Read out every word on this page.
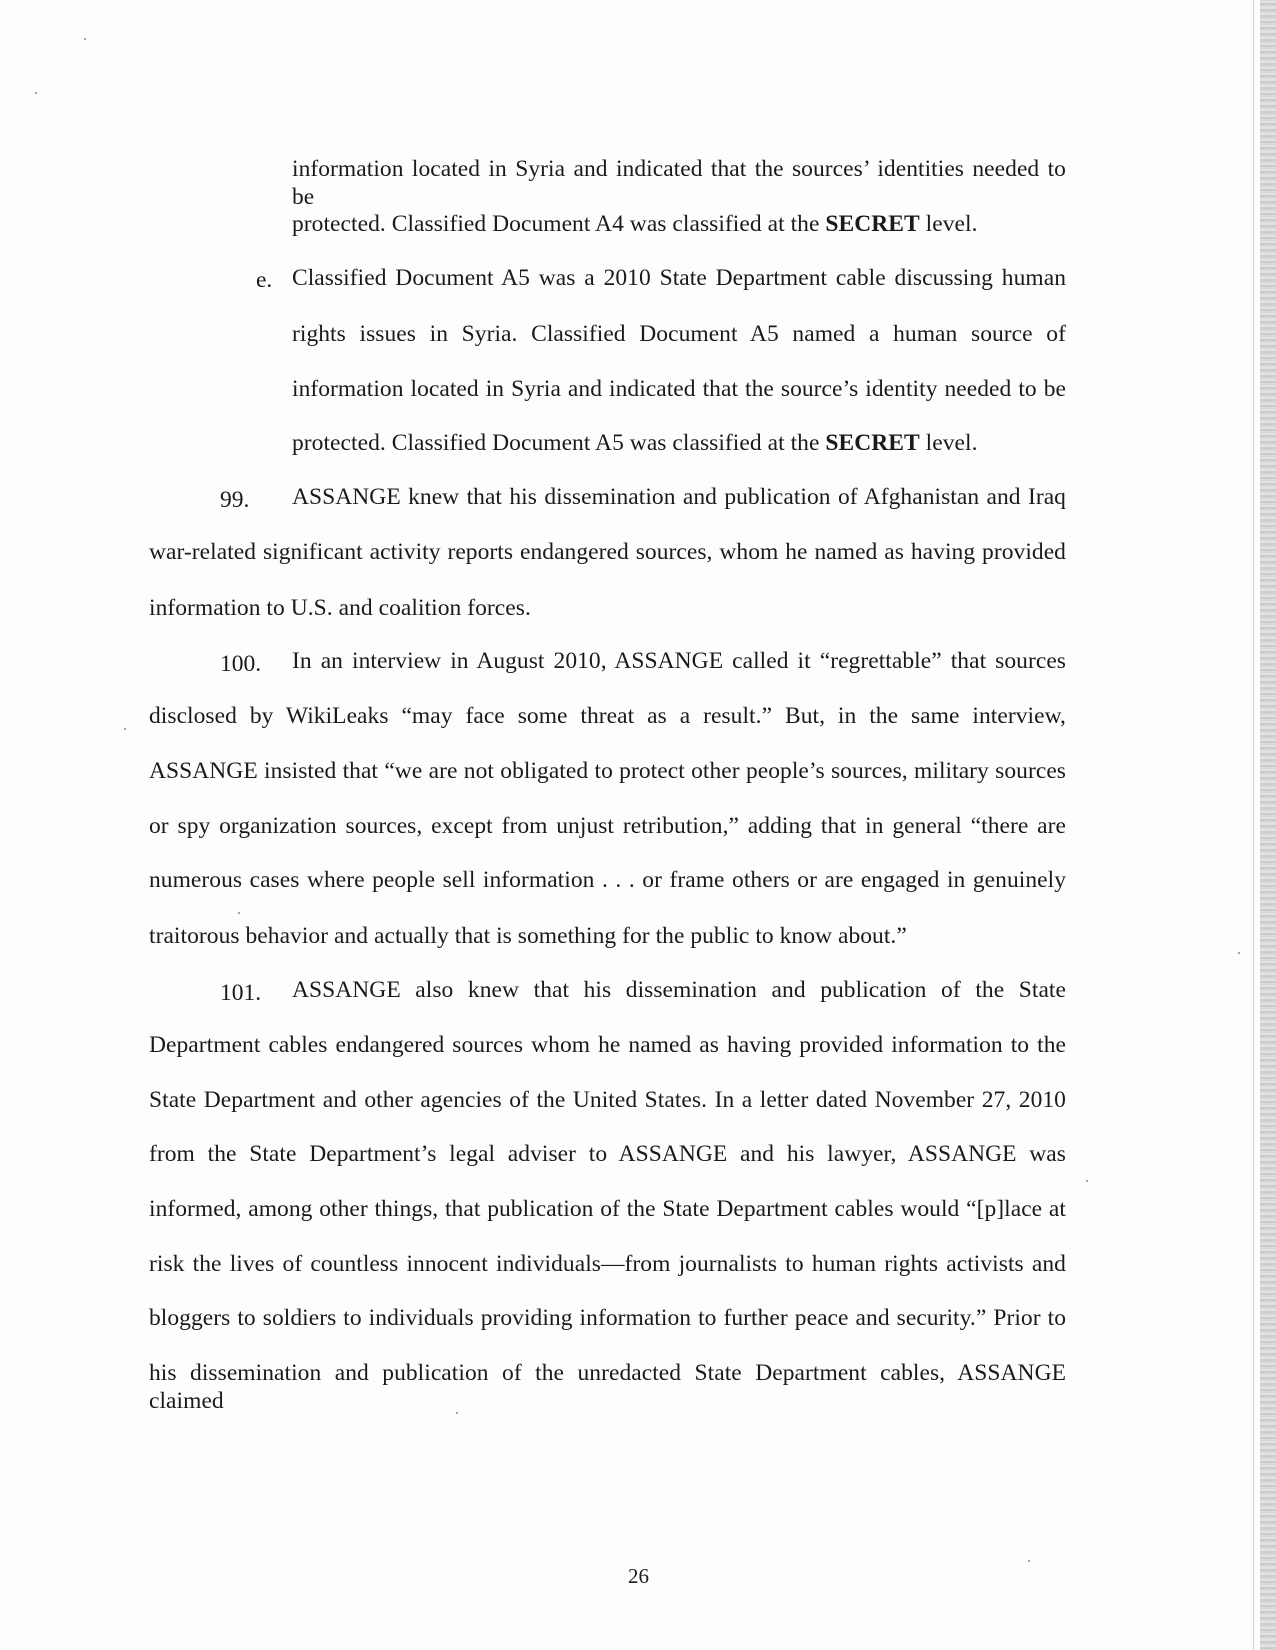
information located in Syria and indicated that the sources’ identities needed to be
protected. Classified Document A4 was classified at the SECRET level.
e. Classified Document A5 was a 2010 State Department cable discussing human
rights issues in Syria. Classified Document A5 named a human source of
information located in Syria and indicated that the source’s identity needed to be
protected. Classified Document A5 was classified at the SECRET level.
99. ASSANGE knew that his dissemination and publication of Afghanistan and Iraq
war-related significant activity reports endangered sources, whom he named as having provided
information to U.S. and coalition forces.
100. In an interview in August 2010, ASSANGE called it “regrettable” that sources
disclosed by WikiLeaks “may face some threat as a result.” But, in the same interview,
ASSANGE insisted that “we are not obligated to protect other people’s sources, military sources
or spy organization sources, except from unjust retribution,” adding that in general “there are
numerous cases where people sell information . . . or frame others or are engaged in genuinely
traitorous behavior and actually that is something for the public to know about.”
101. ASSANGE also knew that his dissemination and publication of the State
Department cables endangered sources whom he named as having provided information to the
State Department and other agencies of the United States. In a letter dated November 27, 2010
from the State Department’s legal adviser to ASSANGE and his lawyer, ASSANGE was
informed, among other things, that publication of the State Department cables would “[p]lace at
risk the lives of countless innocent individuals—from journalists to human rights activists and
bloggers to soldiers to individuals providing information to further peace and security.” Prior to
his dissemination and publication of the unredacted State Department cables, ASSANGE claimed
26
